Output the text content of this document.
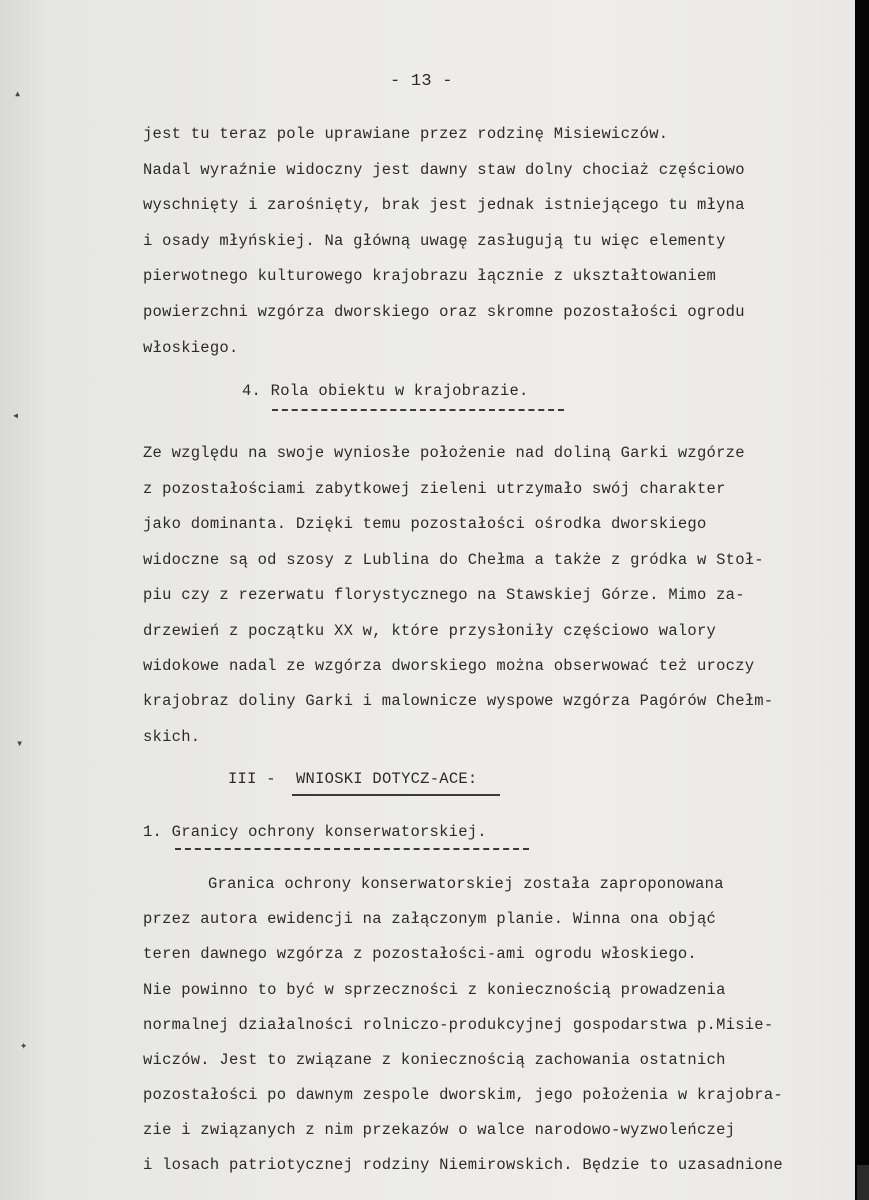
▴
◂
▾
✦
- 13 -
jest tu teraz pole uprawiane przez rodzinę Misiewiczów.
Nadal wyraźnie widoczny jest dawny staw dolny chociaż częściowo
wyschnięty i zarośnięty, brak jest jednak istniejącego tu młyna
i osady młyńskiej. Na główną uwagę zasługują tu więc elementy
pierwotnego kulturowego krajobrazu łącznie z ukształtowaniem
powierzchni wzgórza dworskiego oraz skromne pozostałości ogrodu
włoskiego.
4. Rola obiektu w krajobrazie.
Ze względu na swoje wyniosłe położenie nad doliną Garki wzgórze
z pozostałościami zabytkowej zieleni utrzymało swój charakter
jako dominanta. Dzięki temu pozostałości ośrodka dworskiego
widoczne są od szosy z Lublina do Chełma a także z gródka w Stoł-
piu czy z rezerwatu florystycznego na Stawskiej Górze. Mimo za-
drzewień z początku XX w, które przysłoniły częściowo walory
widokowe nadal ze wzgórza dworskiego można obserwować też uroczy
krajobraz doliny Garki i malownicze wyspowe wzgórza Pagórów Chełm-
skich.
III - WNIOSKI DOTYCZ-ACE:
1. Granicy ochrony konserwatorskiej.
Granica ochrony konserwatorskiej została zaproponowana
przez autora ewidencji na załączonym planie. Winna ona objąć
teren dawnego wzgórza z pozostałości-ami ogrodu włoskiego.
Nie powinno to być w sprzeczności z koniecznością prowadzenia
normalnej działalności rolniczo-produkcyjnej gospodarstwa p.Misie-
wiczów. Jest to związane z koniecznością zachowania ostatnich
pozostałości po dawnym zespole dworskim, jego położenia w krajobra-
zie i związanych z nim przekazów o walce narodowo-wyzwoleńczej
i losach patriotycznej rodziny Niemirowskich. Będzie to uzasadnione
